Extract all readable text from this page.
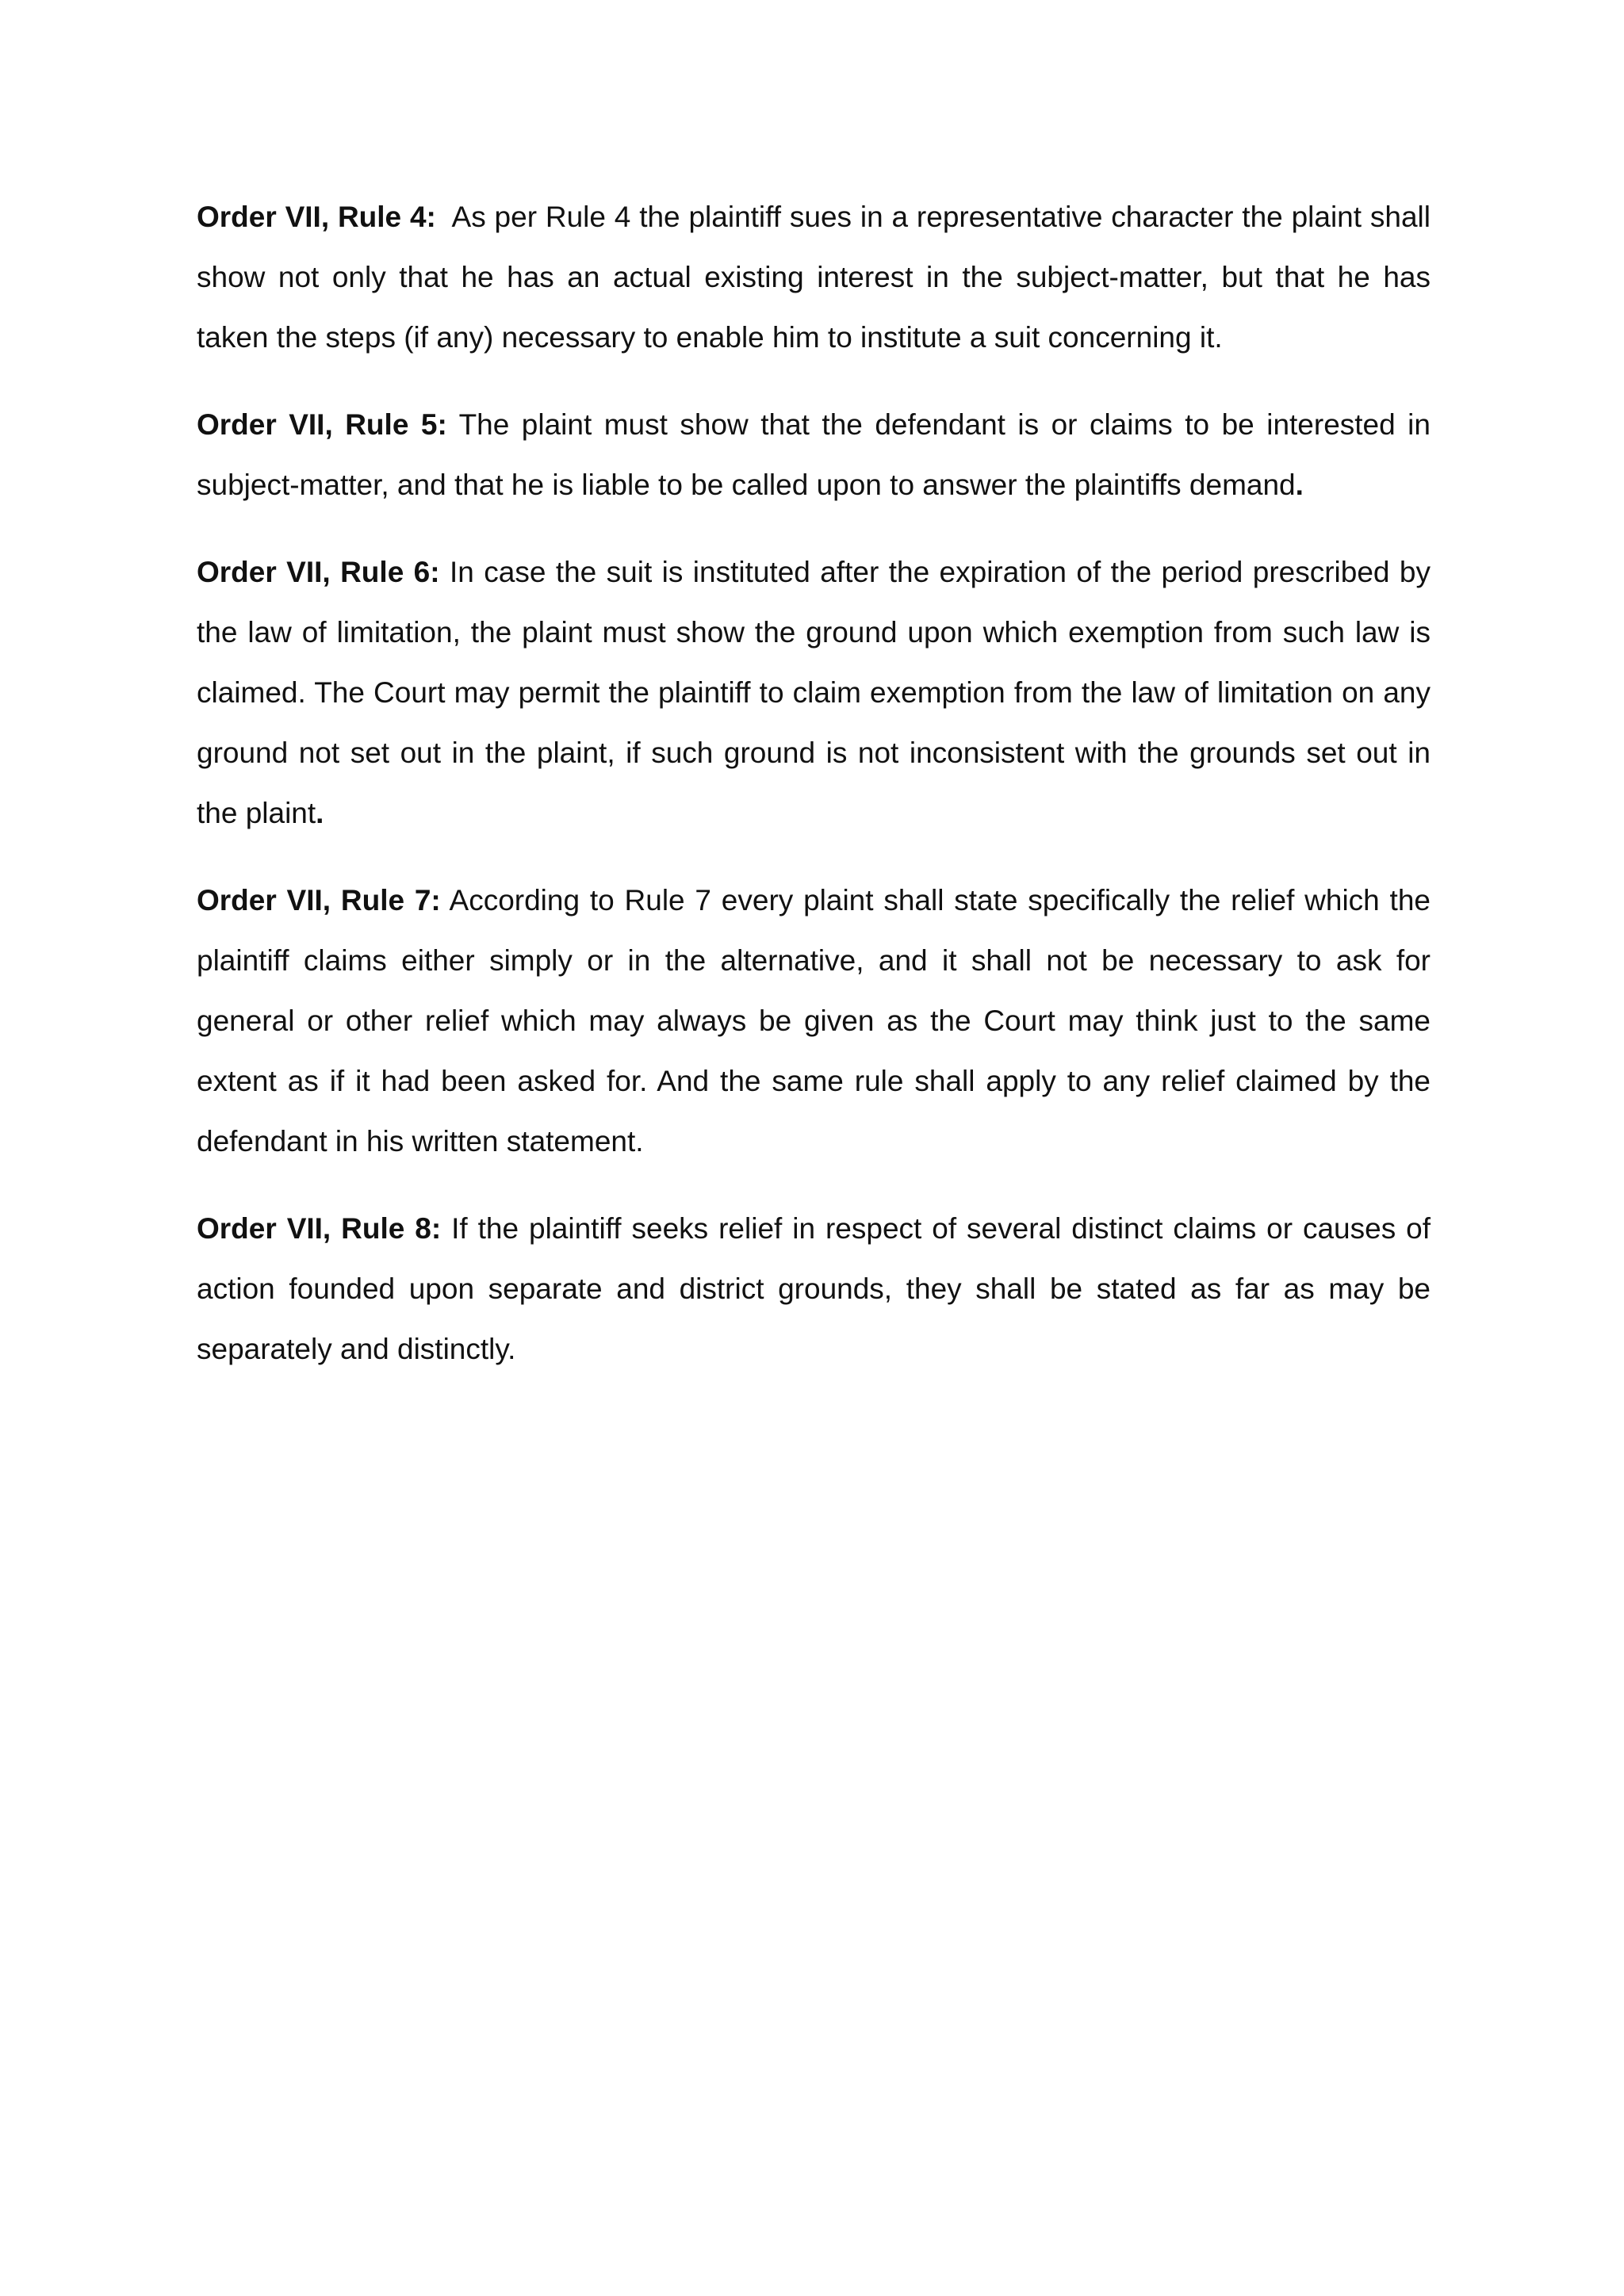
Order VII, Rule 4: As per Rule 4 the plaintiff sues in a representative character the plaint shall show not only that he has an actual existing interest in the subject-matter, but that he has taken the steps (if any) necessary to enable him to institute a suit concerning it.

Order VII, Rule 5: The plaint must show that the defendant is or claims to be interested in subject-matter, and that he is liable to be called upon to answer the plaintiffs demand.

Order VII, Rule 6: In case the suit is instituted after the expiration of the period prescribed by the law of limitation, the plaint must show the ground upon which exemption from such law is claimed. The Court may permit the plaintiff to claim exemption from the law of limitation on any ground not set out in the plaint, if such ground is not inconsistent with the grounds set out in the plaint.

Order VII, Rule 7: According to Rule 7 every plaint shall state specifically the relief which the plaintiff claims either simply or in the alternative, and it shall not be necessary to ask for general or other relief which may always be given as the Court may think just to the same extent as if it had been asked for. And the same rule shall apply to any relief claimed by the defendant in his written statement.

Order VII, Rule 8: If the plaintiff seeks relief in respect of several distinct claims or causes of action founded upon separate and district grounds, they shall be stated as far as may be separately and distinctly.
